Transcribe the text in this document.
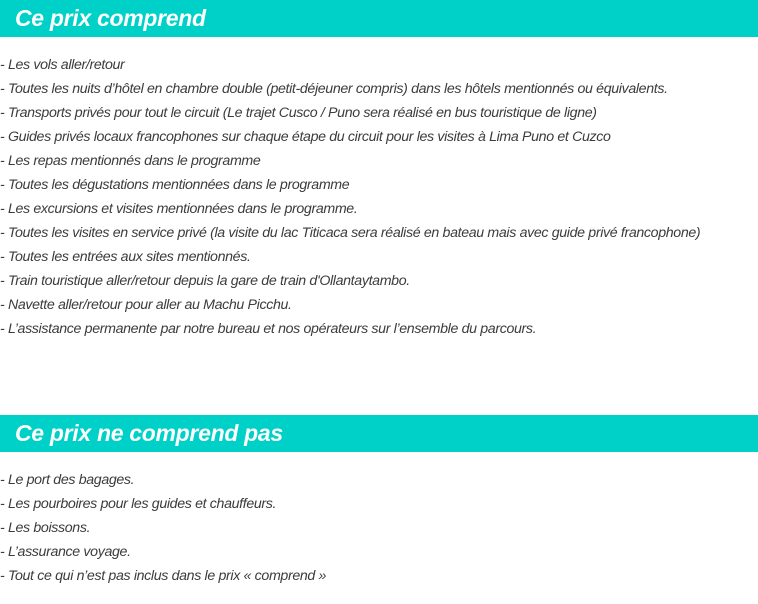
Ce prix comprend
- Les vols aller/retour
- Toutes les nuits d’hôtel en chambre double (petit-déjeuner compris) dans les hôtels mentionnés ou équivalents.
- Transports privés pour tout le circuit (Le trajet Cusco / Puno sera réalisé en bus touristique de ligne)
- Guides privés locaux francophones sur chaque étape du circuit pour les visites à Lima Puno et Cuzco
- Les repas mentionnés dans le programme
- Toutes les dégustations mentionnées dans le programme
- Les excursions et visites mentionnées dans le programme.
- Toutes les visites en service privé (la visite du lac Titicaca sera réalisé en bateau mais avec guide privé francophone)
- Toutes les entrées aux sites mentionnés.
- Train touristique aller/retour depuis la gare de train d'Ollantaytambo.
- Navette aller/retour pour aller au Machu Picchu.
- L’assistance permanente par notre bureau et nos opérateurs sur l’ensemble du parcours.
Ce prix ne comprend pas
- Le port des bagages.
- Les pourboires pour les guides et chauffeurs.
- Les boissons.
- L’assurance voyage.
- Tout ce qui n’est pas inclus dans le prix « comprend »
